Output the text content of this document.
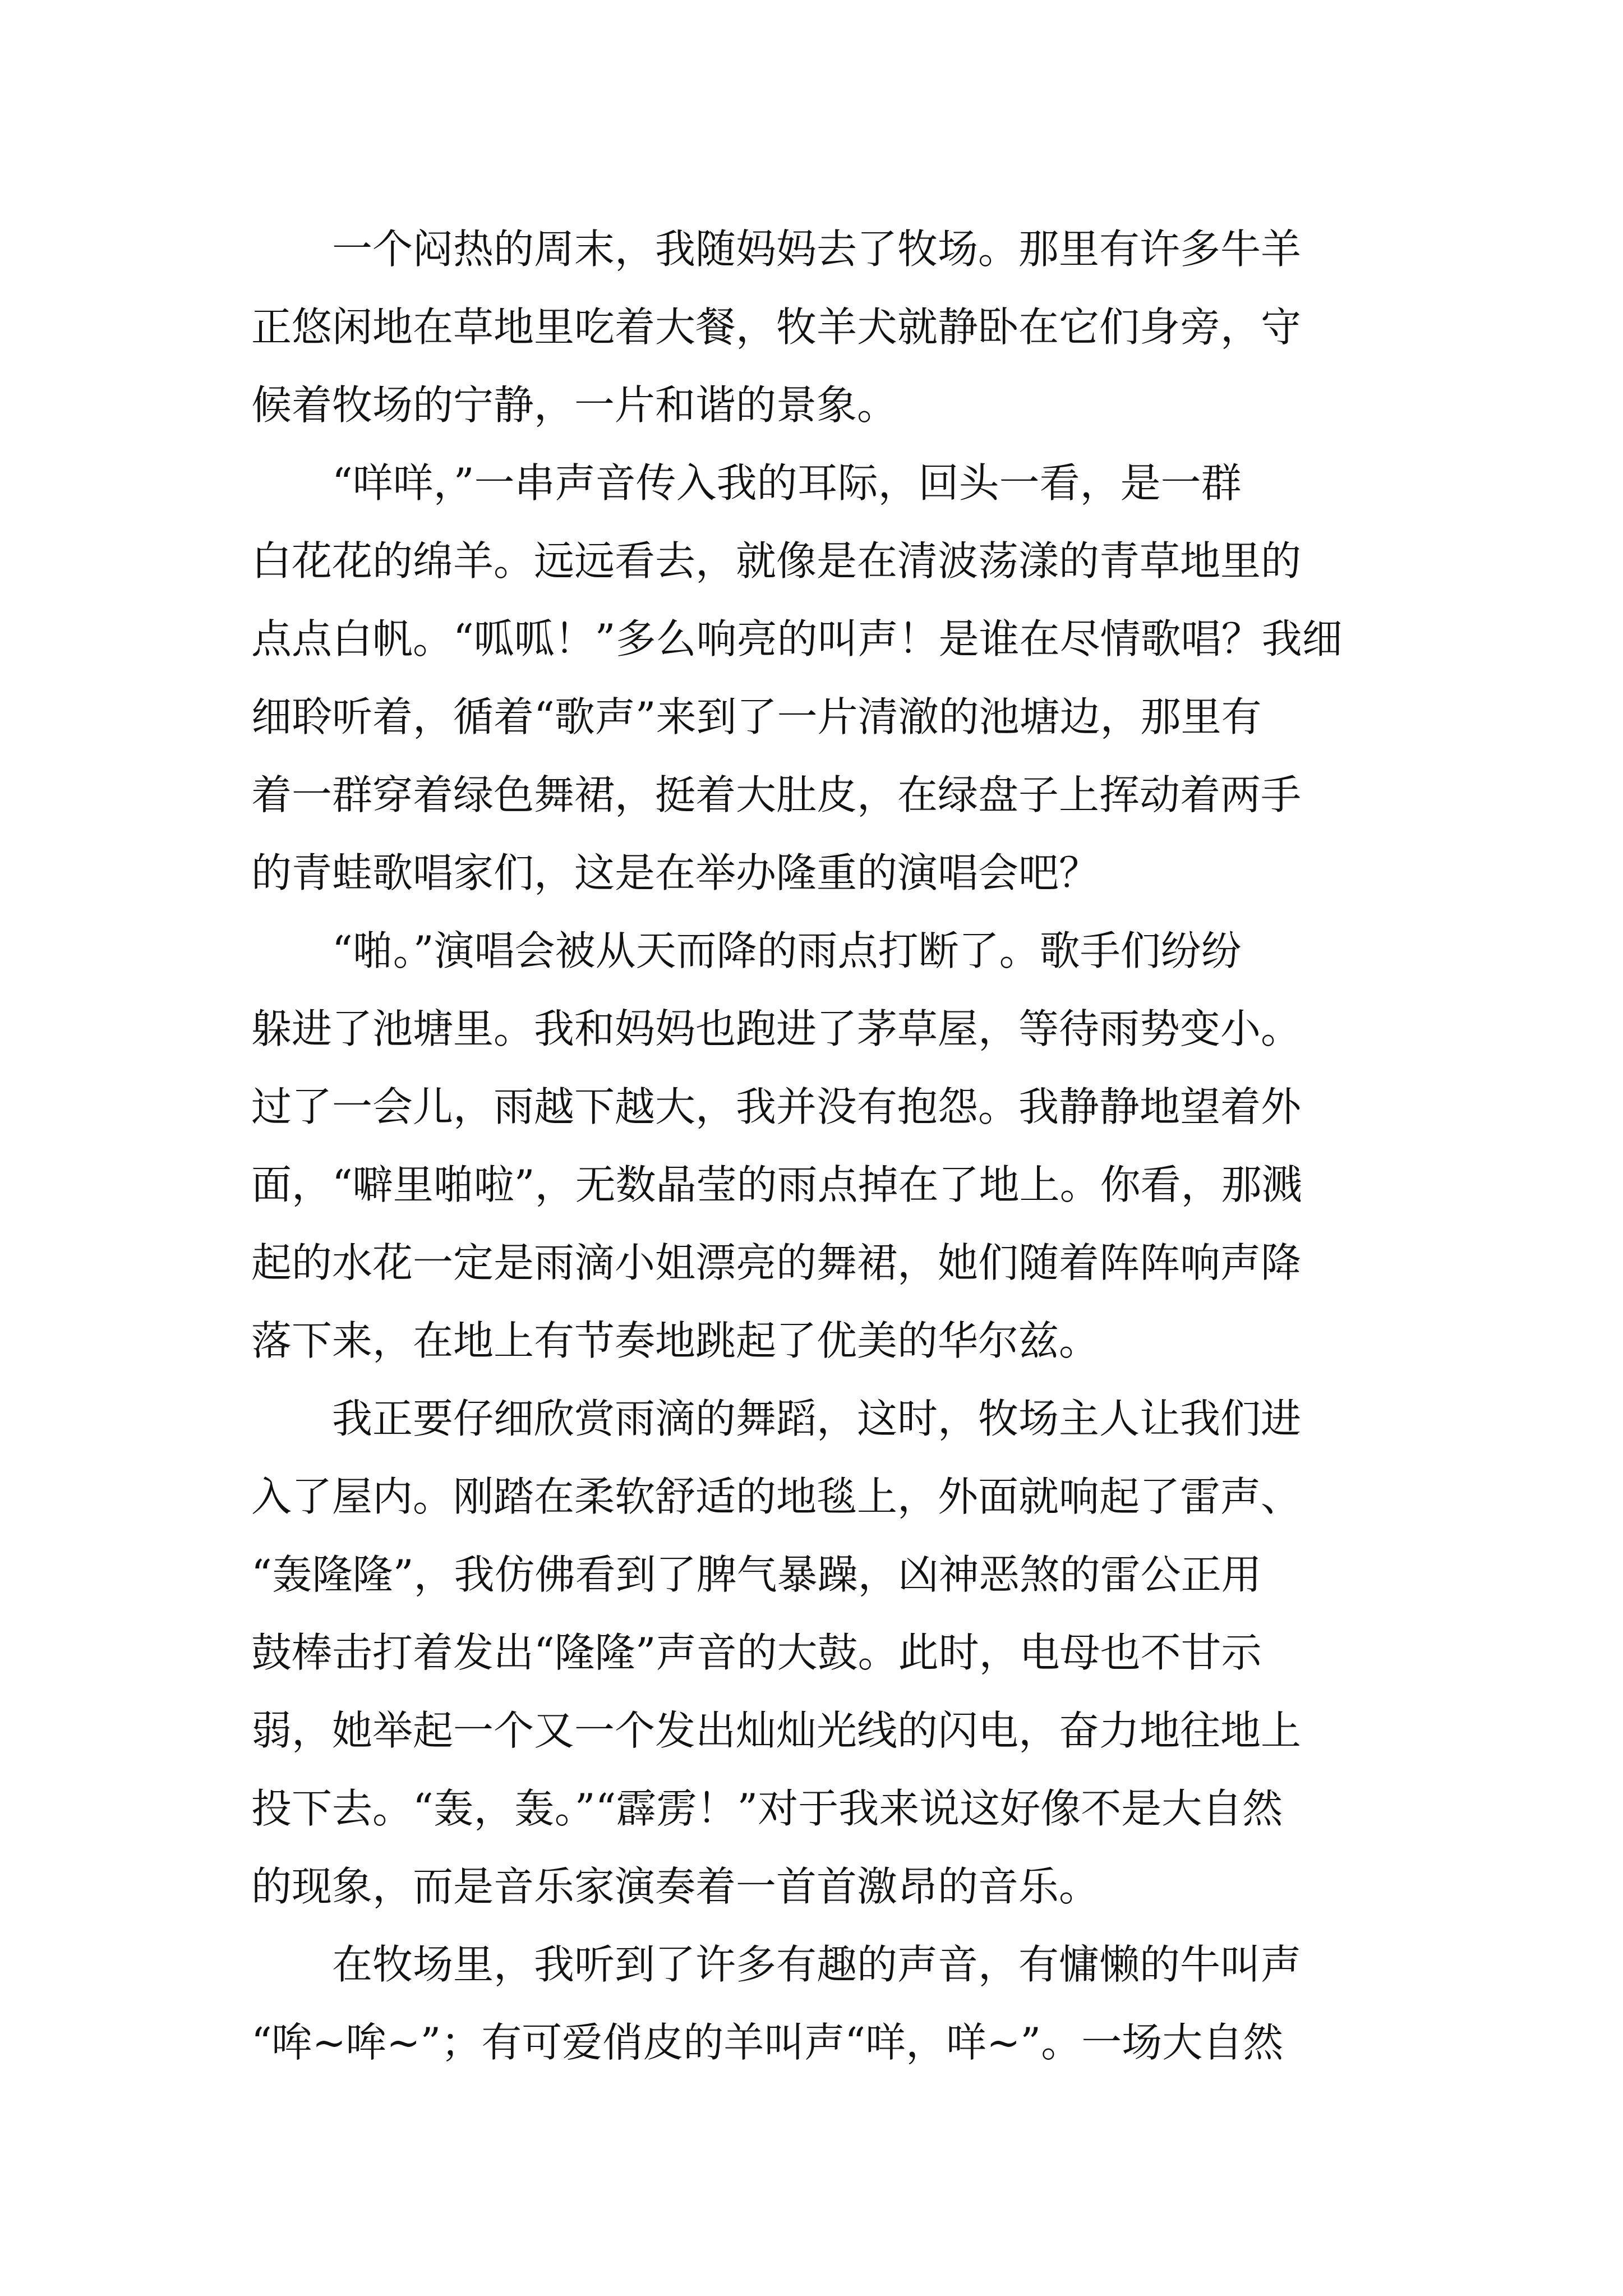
　　一个闷热的周末，我随妈妈去了牧场。那里有许多牛羊
正悠闲地在草地里吃着大餐，牧羊犬就静卧在它们身旁，守
候着牧场的宁静，一片和谐的景象。
　　“咩咩，”一串声音传入我的耳际，回头一看，是一群
白花花的绵羊。远远看去，就像是在清波荡漾的青草地里的
点点白帆。“呱呱！”多么响亮的叫声！是谁在尽情歌唱？我细
细聆听着，循着“歌声”来到了一片清澈的池塘边，那里有
着一群穿着绿色舞裙，挺着大肚皮，在绿盘子上挥动着两手
的青蛙歌唱家们，这是在举办隆重的演唱会吧？
　　“啪。”演唱会被从天而降的雨点打断了。歌手们纷纷
躲进了池塘里。我和妈妈也跑进了茅草屋，等待雨势变小。
过了一会儿，雨越下越大，我并没有抱怨。我静静地望着外
面，“噼里啪啦”，无数晶莹的雨点掉在了地上。你看，那溅
起的水花一定是雨滴小姐漂亮的舞裙，她们随着阵阵响声降
落下来，在地上有节奏地跳起了优美的华尔兹。
　　我正要仔细欣赏雨滴的舞蹈，这时，牧场主人让我们进
入了屋内。刚踏在柔软舒适的地毯上，外面就响起了雷声、
“轰隆隆”，我仿佛看到了脾气暴躁，凶神恶煞的雷公正用
鼓棒击打着发出“隆隆”声音的大鼓。此时，电母也不甘示
弱，她举起一个又一个发出灿灿光线的闪电，奋力地往地上
投下去。“轰，轰。”“霹雳！”对于我来说这好像不是大自然
的现象，而是音乐家演奏着一首首激昂的音乐。
　　在牧场里，我听到了许多有趣的声音，有慵懒的牛叫声
“哞~哞~”；有可爱俏皮的羊叫声“咩，咩~”。一场大自然
